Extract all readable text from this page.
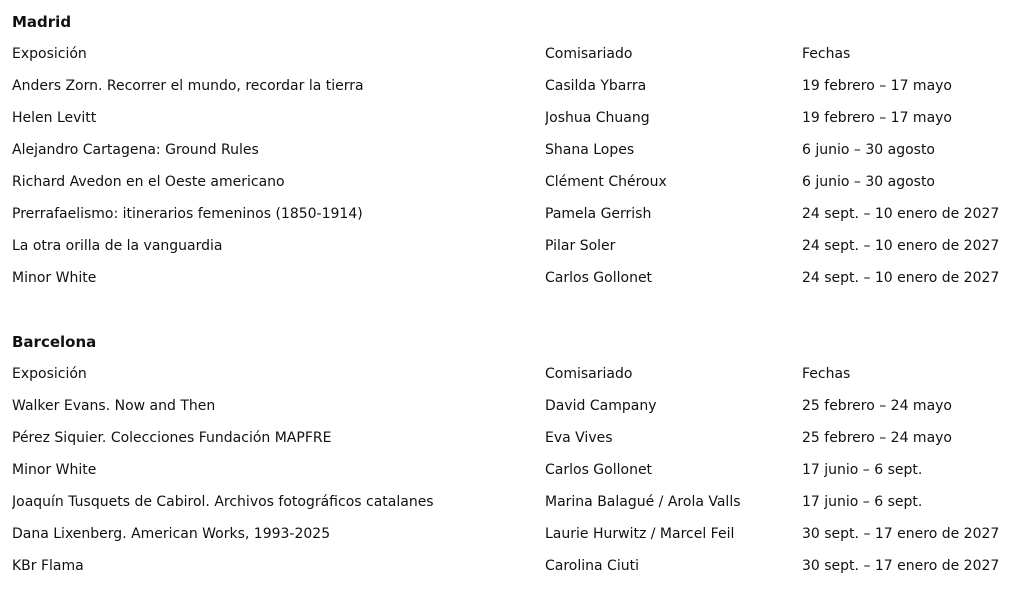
Madrid
Exposición	Comisariado	Fechas
Anders Zorn. Recorrer el mundo, recordar la tierra	Casilda Ybarra	19 febrero – 17 mayo
Helen Levitt	Joshua Chuang	19 febrero – 17 mayo
Alejandro Cartagena: Ground Rules	Shana Lopes	6 junio – 30 agosto
Richard Avedon en el Oeste americano	Clément Chéroux	6 junio – 30 agosto
Prerrafaelismo: itinerarios femeninos (1850-1914)	Pamela Gerrish	24 sept. – 10 enero de 2027
La otra orilla de la vanguardia	Pilar Soler	24 sept. – 10 enero de 2027
Minor White	Carlos Gollonet	24 sept. – 10 enero de 2027
Barcelona
Exposición	Comisariado	Fechas
Walker Evans. Now and Then	David Campany	25 febrero – 24 mayo
Pérez Siquier. Colecciones Fundación MAPFRE	Eva Vives	25 febrero – 24 mayo
Minor White	Carlos Gollonet	17 junio – 6 sept.
Joaquín Tusquets de Cabirol. Archivos fotográficos catalanes	Marina Balagué / Arola Valls	17 junio – 6 sept.
Dana Lixenberg. American Works, 1993-2025	Laurie Hurwitz / Marcel Feil	30 sept. – 17 enero de 2027
KBr Flama	Carolina Ciuti	30 sept. – 17 enero de 2027
